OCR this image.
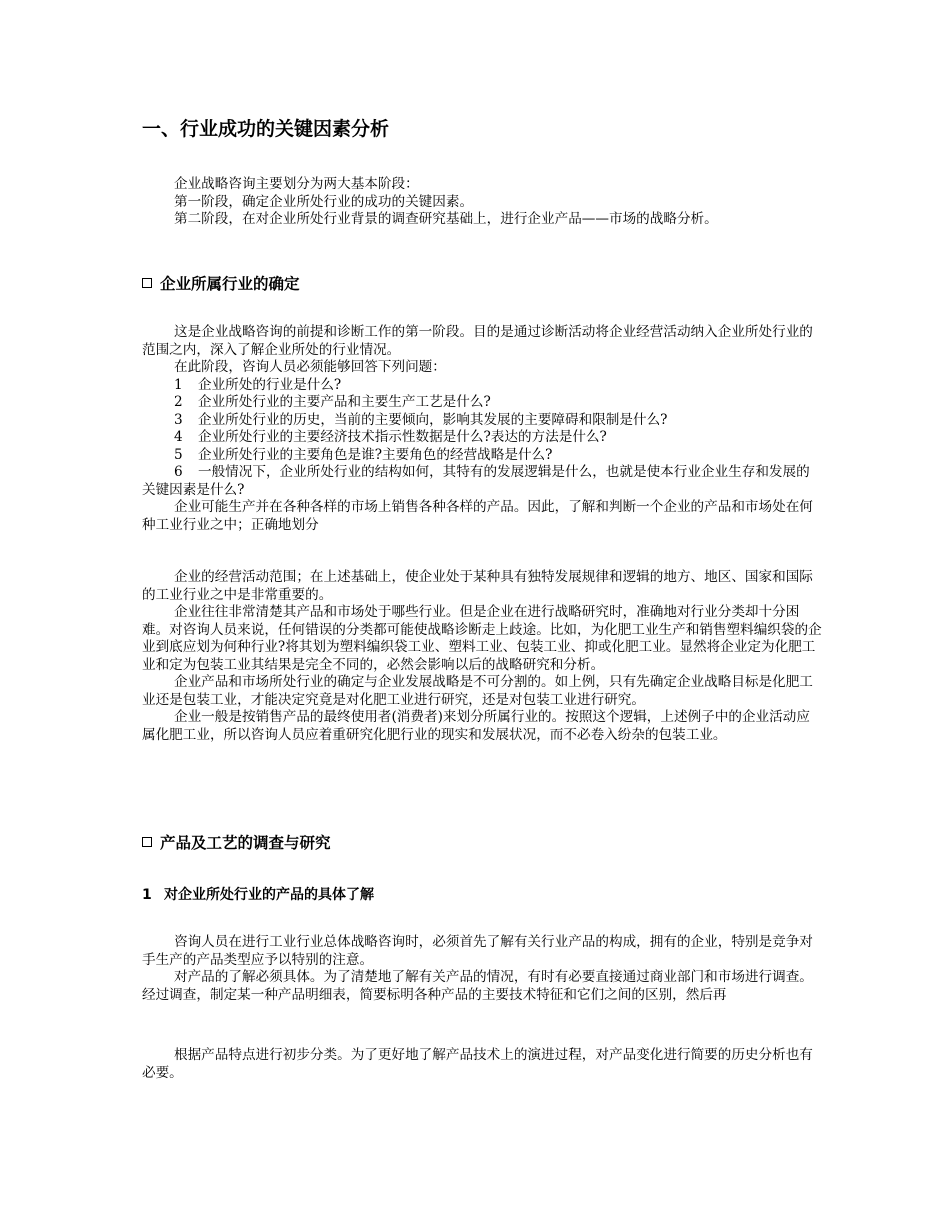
一、行业成功的关键因素分析
企业战略咨询主要划分为两大基本阶段：
第一阶段，确定企业所处行业的成功的关键因素。
第二阶段，在对企业所处行业背景的调查研究基础上，进行企业产品——市场的战略分析。
企业所属行业的确定
这是企业战略咨询的前提和诊断工作的第一阶段。目的是通过诊断活动将企业经营活动纳入企业所处行业的范围之内，深入了解企业所处的行业情况。
在此阶段，咨询人员必须能够回答下列问题：
1 企业所处的行业是什么?
2 企业所处行业的主要产品和主要生产工艺是什么?
3 企业所处行业的历史，当前的主要倾向，影响其发展的主要障碍和限制是什么?
4 企业所处行业的主要经济技术指示性数据是什么?表达的方法是什么?
5 企业所处行业的主要角色是谁?主要角色的经营战略是什么?
6 一般情况下，企业所处行业的结构如何，其特有的发展逻辑是什么，也就是使本行业企业生存和发展的关键因素是什么?
企业可能生产并在各种各样的市场上销售各种各样的产品。因此，了解和判断一个企业的产品和市场处在何种工业行业之中；正确地划分
企业的经营活动范围；在上述基础上，使企业处于某种具有独特发展规律和逻辑的地方、地区、国家和国际的工业行业之中是非常重要的。
企业往往非常清楚其产品和市场处于哪些行业。但是企业在进行战略研究时，准确地对行业分类却十分困难。对咨询人员来说，任何错误的分类都可能使战略诊断走上歧途。比如，为化肥工业生产和销售塑料编织袋的企业到底应划为何种行业?将其划为塑料编织袋工业、塑料工业、包装工业、抑或化肥工业。显然将企业定为化肥工业和定为包装工业其结果是完全不同的，必然会影响以后的战略研究和分析。
企业产品和市场所处行业的确定与企业发展战略是不可分割的。如上例，只有先确定企业战略目标是化肥工业还是包装工业，才能决定究竟是对化肥工业进行研究，还是对包装工业进行研究。
企业一般是按销售产品的最终使用者(消费者)来划分所属行业的。按照这个逻辑，上述例子中的企业活动应属化肥工业，所以咨询人员应着重研究化肥行业的现实和发展状况，而不必卷入纷杂的包装工业。
产品及工艺的调查与研究
1 对企业所处行业的产品的具体了解
咨询人员在进行工业行业总体战略咨询时，必须首先了解有关行业产品的构成，拥有的企业，特别是竞争对手生产的产品类型应予以特别的注意。
对产品的了解必须具体。为了清楚地了解有关产品的情况，有时有必要直接通过商业部门和市场进行调查。经过调查，制定某一种产品明细表，简要标明各种产品的主要技术特征和它们之间的区别，然后再
根据产品特点进行初步分类。为了更好地了解产品技术上的演进过程，对产品变化进行简要的历史分析也有必要。
